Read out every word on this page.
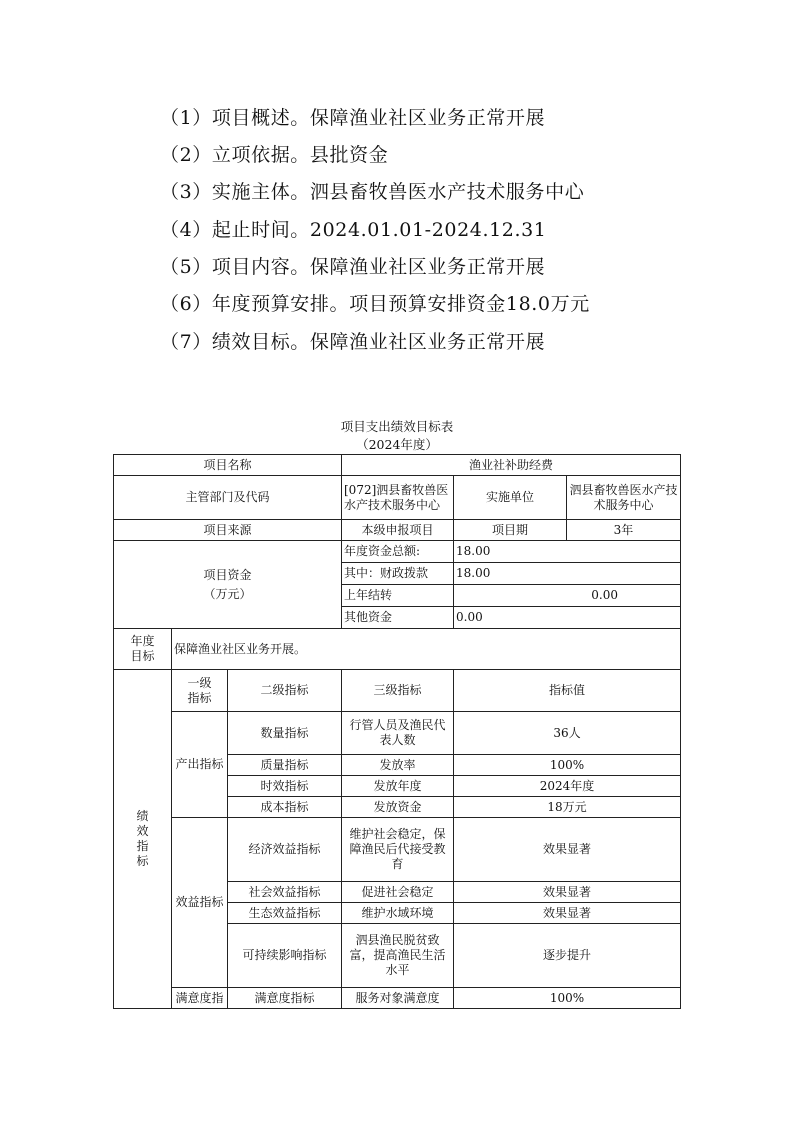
（1）项目概述。保障渔业社区业务正常开展
（2）立项依据。县批资金
（3）实施主体。泗县畜牧兽医水产技术服务中心
（4）起止时间。2024.01.01-2024.12.31
（5）项目内容。保障渔业社区业务正常开展
（6）年度预算安排。项目预算安排资金18.0万元
（7）绩效目标。保障渔业社区业务正常开展
项目支出绩效目标表
（2024年度）
项目名称			渔业社补助经费		
主管部门及代码			[072]泗县畜牧兽医水产技术服务中心	实施单位	泗县畜牧兽医水产技术服务中心
项目来源			本级申报项目	项目期	3年

项目资金
（万元）			年度资金总额:	18.00	
			其中：财政拨款	18.00	
			上年结转	0.00	
			其他资金	0.00	

年度
目标	保障渔业社区业务开展。				

绩
效
指
标	一级指标	二级指标	三级指标	指标值	
	产出指标	数量指标	行管人员及渔民代表人数	36人	
		质量指标	发放率	100%	
		时效指标	发放年度	2024年度	
		成本指标	发放资金	18万元	
	效益指标	经济效益指标	维护社会稳定，保障渔民后代接受教育	效果显著	
		社会效益指标	促进社会稳定	效果显著	
		生态效益指标	维护水域环境	效果显著	
		可持续影响指标	泗县渔民脱贫致富，提高渔民生活水平	逐步提升	
	满意度指	满意度指标	服务对象满意度	100%	
